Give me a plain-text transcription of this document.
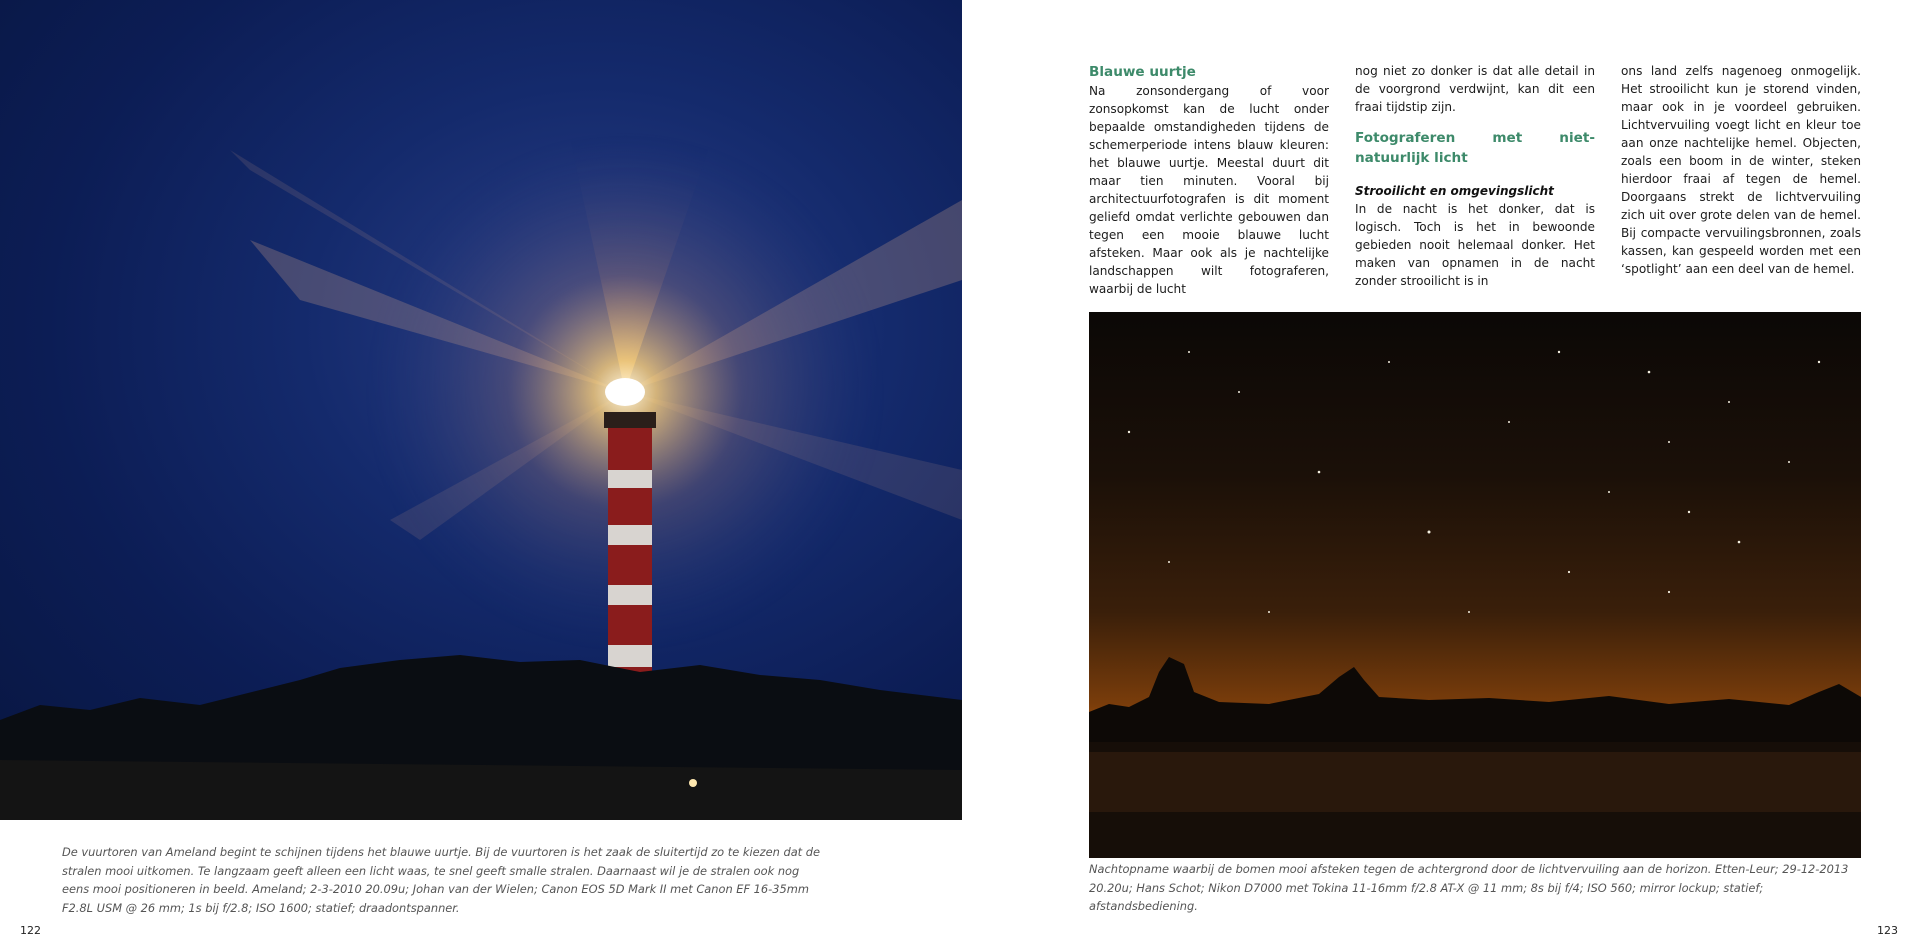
De vuurtoren van Ameland begint te schijnen tijdens het blauwe uurtje. Bij de vuurtoren is het zaak de sluitertijd zo te kiezen dat de stralen mooi uitkomen. Te langzaam geeft alleen een licht waas, te snel geeft smalle stralen. Daarnaast wil je de stralen ook nog eens mooi positioneren in beeld. Ameland; 2-3-2010 20.09u; Johan van der Wielen; Canon EOS 5D Mark II met Canon EF 16-35mm F2.8L USM @ 26 mm; 1s bij f/2.8; ISO 1600; statief; draadontspanner.
122
Blauwe uurtje
Na zonsondergang of voor zonsopkomst kan de lucht onder bepaalde omstandigheden tijdens de schemerperiode intens blauw kleuren: het blauwe uurtje. Meestal duurt dit maar tien minuten. Vooral bij architectuurfotografen is dit moment geliefd omdat verlichte gebouwen dan tegen een mooie blauwe lucht afsteken. Maar ook als je nachtelijke landschappen wilt fotograferen, waarbij de lucht
nog niet zo donker is dat alle detail in de voorgrond verdwijnt, kan dit een fraai tijdstip zijn.
Fotograferen met niet-natuurlijk licht
Strooilicht en omgevingslicht
In de nacht is het donker, dat is logisch. Toch is het in bewoonde gebieden nooit helemaal donker. Het maken van opnamen in de nacht zonder strooilicht is in
ons land zelfs nagenoeg onmogelijk. Het strooilicht kun je storend vinden, maar ook in je voordeel gebruiken. Lichtvervuiling voegt licht en kleur toe aan onze nachtelijke hemel. Objecten, zoals een boom in de winter, steken hierdoor fraai af tegen de hemel. Doorgaans strekt de lichtvervuiling zich uit over grote delen van de hemel. Bij compacte vervuilingsbronnen, zoals kassen, kan gespeeld worden met een ‘spotlight’ aan een deel van de hemel.
Nachtopname waarbij de bomen mooi afsteken tegen de achtergrond door de lichtvervuiling aan de horizon. Etten-Leur; 29-12-2013 20.20u; Hans Schot; Nikon D7000 met Tokina 11-16mm f/2.8 AT-X @ 11 mm; 8s bij f/4; ISO 560; mirror lockup; statief; afstandsbediening.
123
